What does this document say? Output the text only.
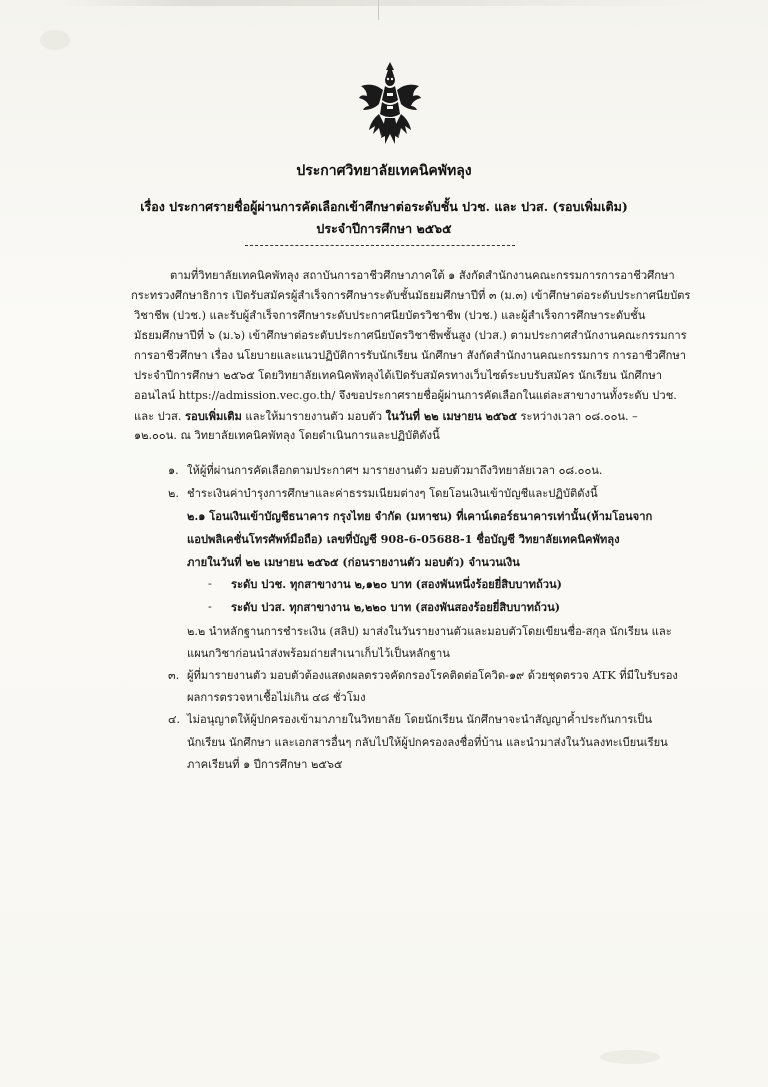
ประกาศวิทยาลัยเทคนิคพัทลุง
เรื่อง ประกาศรายชื่อผู้ผ่านการคัดเลือกเข้าศึกษาต่อระดับชั้น ปวช. และ ปวส. (รอบเพิ่มเติม)
ประจำปีการศึกษา ๒๕๖๕
ตามที่วิทยาลัยเทคนิคพัทลุง สถาบันการอาชีวศึกษาภาคใต้ ๑ สังกัดสำนักงานคณะกรรมการการอาชีวศึกษา
กระทรวงศึกษาธิการ เปิดรับสมัครผู้สำเร็จการศึกษาระดับชั้นมัธยมศึกษาปีที่ ๓ (ม.๓) เข้าศึกษาต่อระดับประกาศนียบัตร
วิชาชีพ (ปวช.) และรับผู้สำเร็จการศึกษาระดับประกาศนียบัตรวิชาชีพ (ปวช.) และผู้สำเร็จการศึกษาระดับชั้น
มัธยมศึกษาปีที่ ๖ (ม.๖) เข้าศึกษาต่อระดับประกาศนียบัตรวิชาชีพชั้นสูง (ปวส.) ตามประกาศสำนักงานคณะกรรมการ
การอาชีวศึกษา เรื่อง นโยบายและแนวปฏิบัติการรับนักเรียน นักศึกษา สังกัดสำนักงานคณะกรรมการ การอาชีวศึกษา
ประจำปีการศึกษา ๒๕๖๕ โดยวิทยาลัยเทคนิคพัทลุงได้เปิดรับสมัครทางเว็บไซต์ระบบรับสมัคร นักเรียน นักศึกษา
ออนไลน์ https://admission.vec.go.th/ จึงขอประกาศรายชื่อผู้ผ่านการคัดเลือกในแต่ละสาขางานทั้งระดับ ปวช.
และ ปวส. รอบเพิ่มเติม และให้มารายงานตัว มอบตัว ในวันที่ ๒๒ เมษายน ๒๕๖๕ ระหว่างเวลา ๐๘.๐๐น. –
๑๒.๐๐น. ณ วิทยาลัยเทคนิคพัทลุง โดยดำเนินการและปฏิบัติดังนี้
๑. ให้ผู้ที่ผ่านการคัดเลือกตามประกาศฯ มารายงานตัว มอบตัวมาถึงวิทยาลัยเวลา ๐๘.๐๐น.
๒. ชำระเงินค่าบำรุงการศึกษาและค่าธรรมเนียมต่างๆ โดยโอนเงินเข้าบัญชีและปฏิบัติดังนี้
๒.๑ โอนเงินเข้าบัญชีธนาคาร กรุงไทย จำกัด (มหาชน) ที่เคาน์เตอร์ธนาคารเท่านั้น(ห้ามโอนจาก
แอปพลิเคชั่นโทรศัพท์มือถือ) เลขที่บัญชี 908-6-05688-1 ชื่อบัญชี วิทยาลัยเทคนิคพัทลุง
ภายในวันที่ ๒๒ เมษายน ๒๕๖๕ (ก่อนรายงานตัว มอบตัว) จำนวนเงิน
- ระดับ ปวช. ทุกสาขางาน ๒,๑๒๐ บาท (สองพันหนึ่งร้อยยี่สิบบาทถ้วน)
- ระดับ ปวส. ทุกสาขางาน ๒,๒๒๐ บาท (สองพันสองร้อยยี่สิบบาทถ้วน)
๒.๒ นำหลักฐานการชำระเงิน (สลิป) มาส่งในวันรายงานตัวและมอบตัวโดยเขียนชื่อ-สกุล นักเรียน และ
แผนกวิชาก่อนนำส่งพร้อมถ่ายสำเนาเก็บไว้เป็นหลักฐาน
๓. ผู้ที่มารายงานตัว มอบตัวต้องแสดงผลตรวจคัดกรองโรคติดต่อโควิด-๑๙ ด้วยชุดตรวจ ATK ที่มีใบรับรอง
ผลการตรวจหาเชื้อไม่เกิน ๔๘ ชั่วโมง
๔. ไม่อนุญาตให้ผู้ปกครองเข้ามาภายในวิทยาลัย โดยนักเรียน นักศึกษาจะนำสัญญาค้ำประกันการเป็น
นักเรียน นักศึกษา และเอกสารอื่นๆ กลับไปให้ผู้ปกครองลงชื่อที่บ้าน และนำมาส่งในวันลงทะเบียนเรียน
ภาคเรียนที่ ๑ ปีการศึกษา ๒๕๖๕
